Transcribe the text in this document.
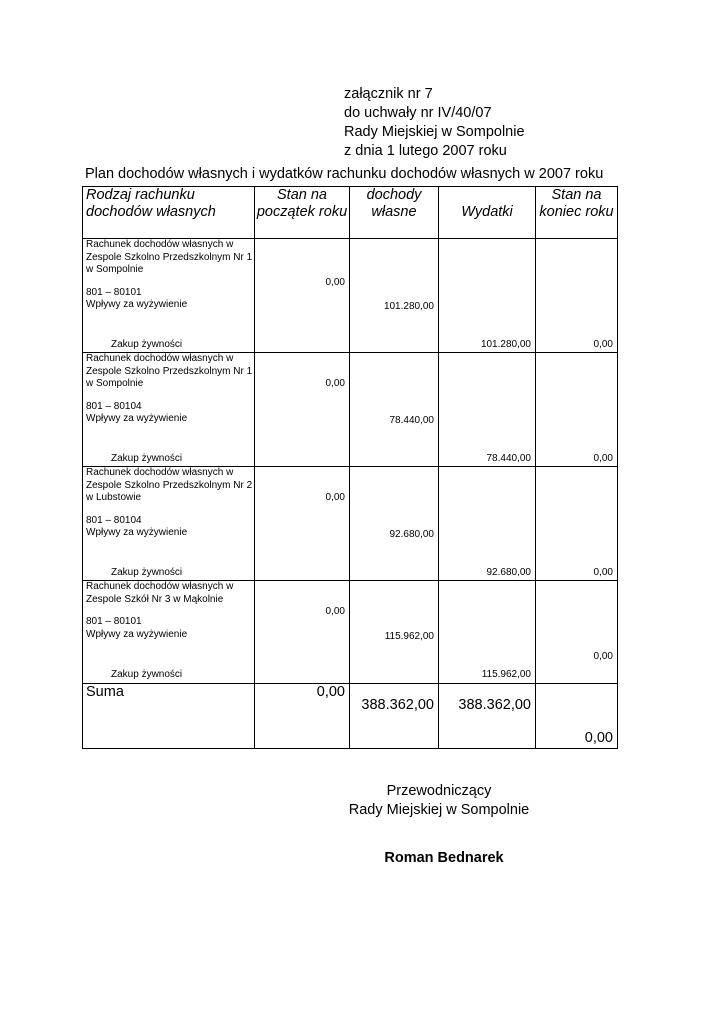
załącznik nr 7
do uchwały nr IV/40/07
Rady Miejskiej w Sompolnie
z dnia 1 lutego 2007 roku
Plan dochodów własnych i wydatków rachunku dochodów własnych w 2007 roku
Rodzaj rachunku dochodów własnych	Stan na początek roku	dochody własne	Wydatki	Stan na koniec roku

Rachunek dochodów własnych w Zespole Szkolno Przedszkolnym Nr 1 w Sompolnie
801 – 80101
Wpływy za wyżywienie
Zakup żywności	0,00	101.280,00	101.280,00	0,00

Rachunek dochodów własnych w Zespole Szkolno Przedszkolnym Nr 1 w Sompolnie
801 – 80104
Wpływy za wyżywienie
Zakup żywności	0,00	78.440,00	78.440,00	0,00

Rachunek dochodów własnych w Zespole Szkolno Przedszkolnym Nr 2 w Lubstowie
801 – 80104
Wpływy za wyżywienie
Zakup żywności	0,00	92.680,00	92.680,00	0,00

Rachunek dochodów własnych w Zespole Szkół Nr 3 w Mąkolnie
801 – 80101
Wpływy za wyżywienie
Zakup żywności	0,00	115.962,00	115.962,00	0,00

Suma	0,00	388.362,00	388.362,00	0,00
Przewodniczący
Rady Miejskiej w Sompolnie
Roman Bednarek
